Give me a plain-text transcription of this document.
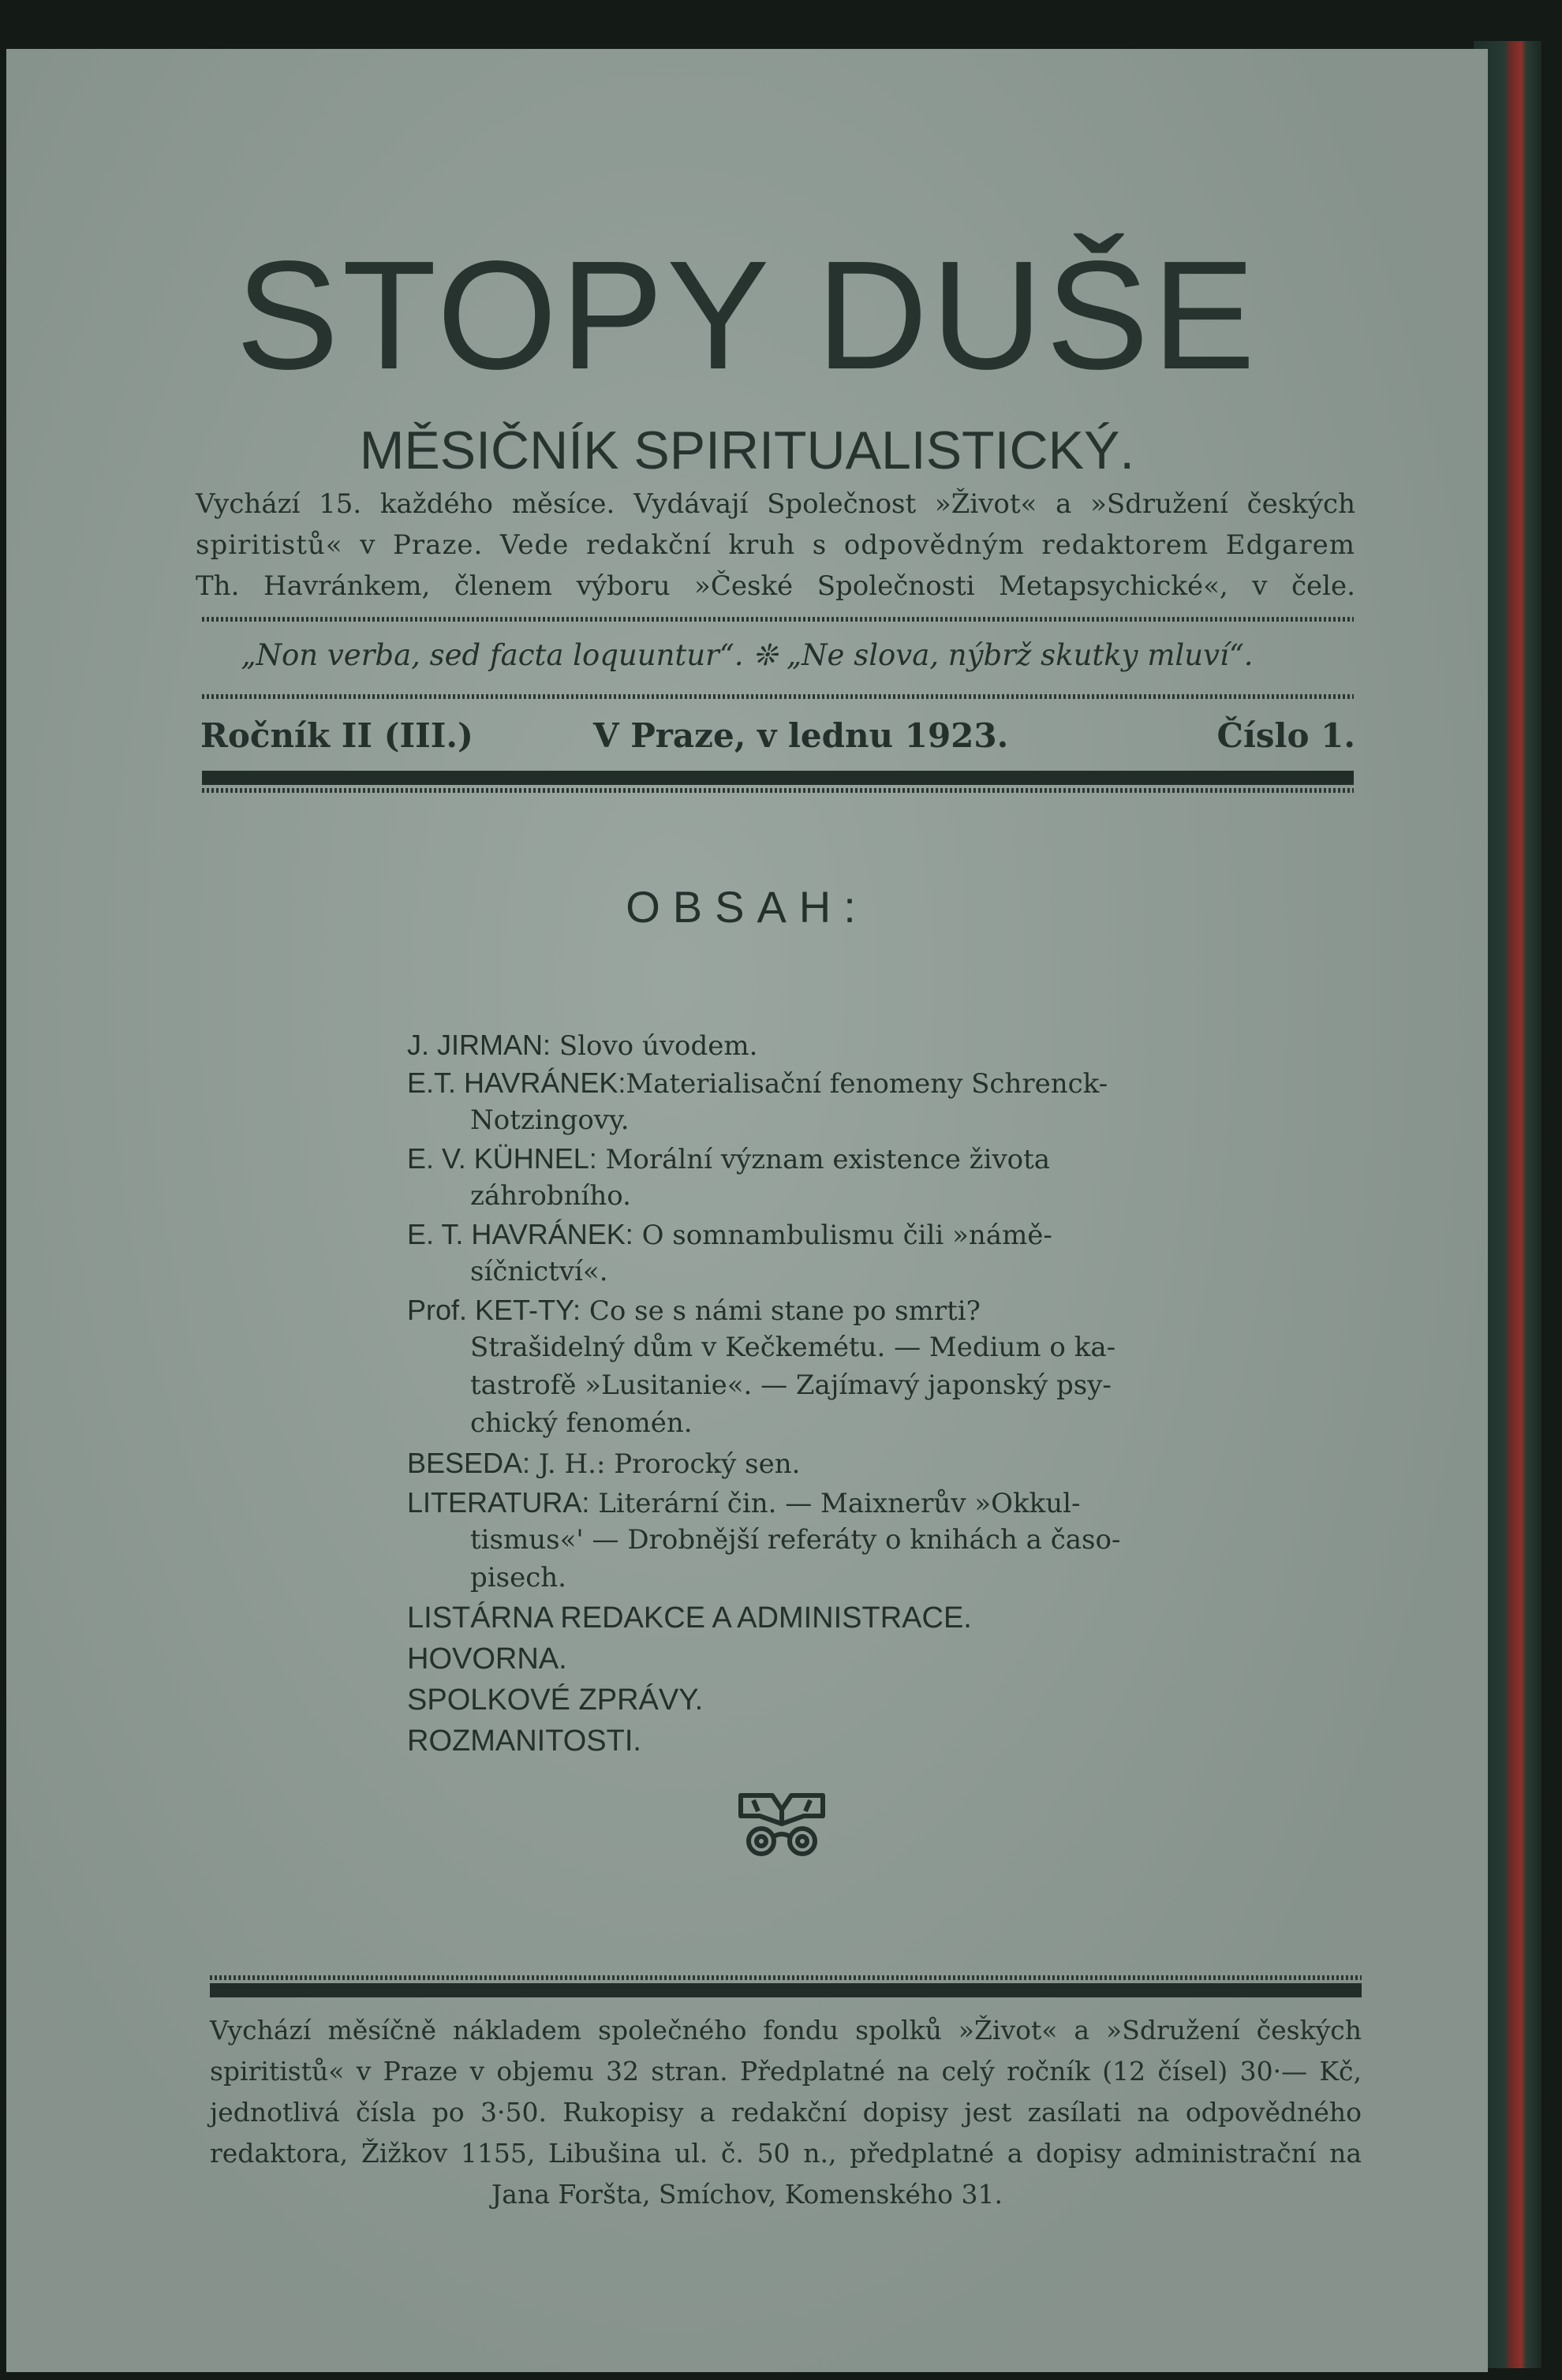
STOPY DUŠE
MĚSIČNÍK SPIRITUALISTICKÝ.
Vychází 15. každého měsíce. Vydávají Společnost »Život« a »Sdružení českých
spiritistů« v Praze. Vede redakční kruh s odpovědným redaktorem Edgarem
Th. Havránkem, členem výboru »České Společnosti Metapsychické«, v čele.
„Non verba, sed facta loquuntur“. ❊ „Ne slova, nýbrž skutky mluví“.
Ročník II (III.)	V Praze, v lednu 1923.	Číslo 1.
OBSAH:
J. JIRMAN: Slovo úvodem.
E.T. HAVRÁNEK:Materialisační fenomeny Schrenck-
Notzingovy.
E. V. KÜHNEL: Morální význam existence života
záhrobního.
E. T. HAVRÁNEK: O somnambulismu čili »námě-
síčnictví«.
Prof. KET-TY: Co se s námi stane po smrti?
Strašidelný dům v Kečkemétu. — Medium o ka-
tastrofě »Lusitanie«. — Zajímavý japonský psy-
chický fenomén.
BESEDA: J. H.: Prorocký sen.
LITERATURA: Literární čin. — Maixnerův »Okkul-
tismus«' — Drobnější referáty o knihách a časo-
pisech.
LISTÁRNA REDAKCE A ADMINISTRACE.
HOVORNA.
SPOLKOVÉ ZPRÁVY.
ROZMANITOSTI.
Vychází měsíčně nákladem společného fondu spolků »Život« a »Sdružení českých
spiritistů« v Praze v objemu 32 stran. Předplatné na celý ročník (12 čísel) 30·— Kč,
jednotlivá čísla po 3·50. Rukopisy a redakční dopisy jest zasílati na odpovědného
redaktora, Žižkov 1155, Libušina ul. č. 50 n., předplatné a dopisy administrační na
Jana Foršta, Smíchov, Komenského 31.
